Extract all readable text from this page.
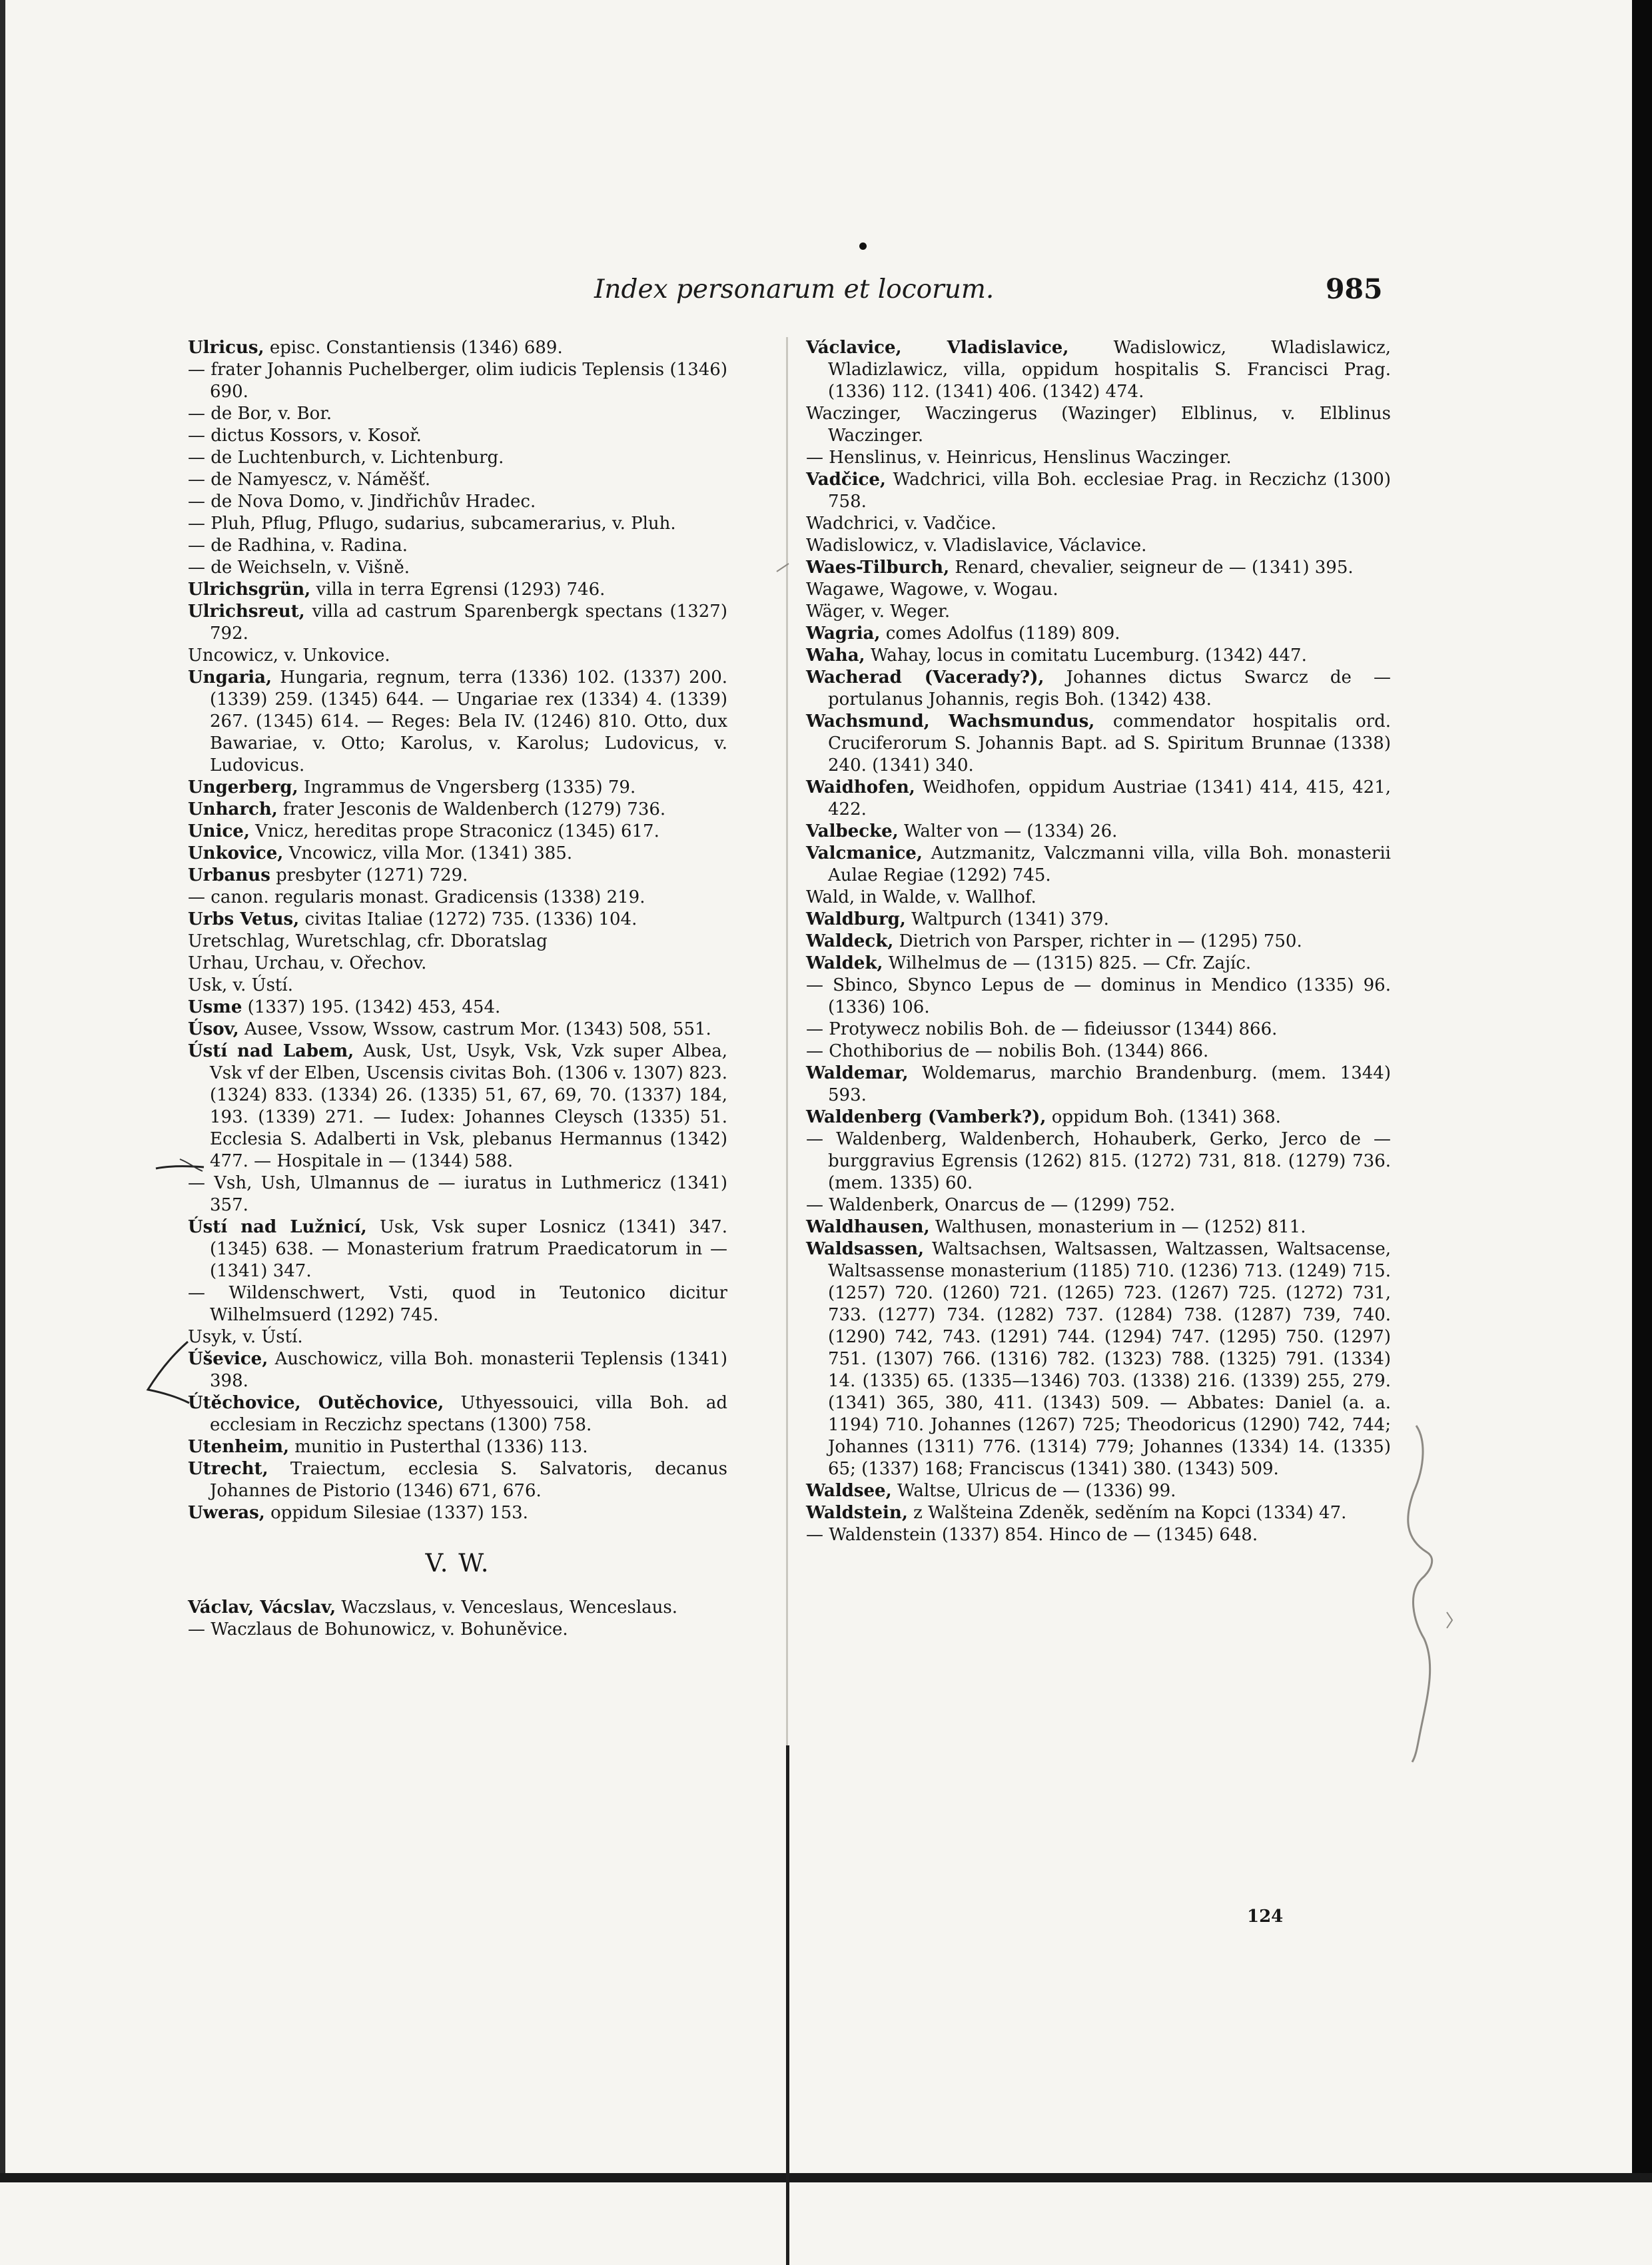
Index personarum et locorum.	985
Ulricus, episc. Constantiensis (1346) 689.
— frater Johannis Puchelberger, olim iudicis Teplensis (1346) 690.
— de Bor, v. Bor.
— dictus Kossors, v. Kosoř.
— de Luchtenburch, v. Lichtenburg.
— de Namyescz, v. Náměšť.
— de Nova Domo, v. Jindřichův Hradec.
— Pluh, Pflug, Pflugo, sudarius, subcamerarius, v. Pluh.
— de Radhina, v. Radina.
— de Weichseln, v. Višně.
Ulrichsgrün, villa in terra Egrensi (1293) 746.
Ulrichsreut, villa ad castrum Sparenbergk spectans (1327) 792.
Uncowicz, v. Unkovice.
Ungaria, Hungaria, regnum, terra (1336) 102. (1337) 200. (1339) 259. (1345) 644. — Ungariae rex (1334) 4. (1339) 267. (1345) 614. — Reges: Bela IV. (1246) 810. Otto, dux Bawariae, v. Otto; Karolus, v. Karolus; Ludovicus, v. Ludovicus.
Ungerberg, Ingrammus de Vngersberg (1335) 79.
Unharch, frater Jesconis de Waldenberch (1279) 736.
Unice, Vnicz, hereditas prope Straconicz (1345) 617.
Unkovice, Vncowicz, villa Mor. (1341) 385.
Urbanus presbyter (1271) 729.
— canon. regularis monast. Gradicensis (1338) 219.
Urbs Vetus, civitas Italiae (1272) 735. (1336) 104.
Uretschlag, Wuretschlag, cfr. Dboratslag
Urhau, Urchau, v. Ořechov.
Usk, v. Ústí.
Usme (1337) 195. (1342) 453, 454.
Úsov, Ausee, Vssow, Wssow, castrum Mor. (1343) 508, 551.
Ústí nad Labem, Ausk, Ust, Usyk, Vsk, Vzk super Albea, Vsk vf der Elben, Uscensis civitas Boh. (1306 v. 1307) 823. (1324) 833. (1334) 26. (1335) 51, 67, 69, 70. (1337) 184, 193. (1339) 271. — Iudex: Johannes Cleysch (1335) 51. Ecclesia S. Adalberti in Vsk, plebanus Hermannus (1342) 477. — Hospitale in — (1344) 588.
— Vsh, Ush, Ulmannus de — iuratus in Luthmericz (1341) 357.
Ústí nad Lužnicí, Usk, Vsk super Losnicz (1341) 347. (1345) 638. — Monasterium fratrum Praedicatorum in — (1341) 347.
— Wildenschwert, Vsti, quod in Teutonico dicitur Wilhelmsuerd (1292) 745.
Usyk, v. Ústí.
Úševice, Auschowicz, villa Boh. monasterii Teplensis (1341) 398.
Útěchovice, Outěchovice, Uthyessouici, villa Boh. ad ecclesiam in Reczichz spectans (1300) 758.
Utenheim, munitio in Pusterthal (1336) 113.
Utrecht, Traiectum, ecclesia S. Salvatoris, decanus Johannes de Pistorio (1346) 671, 676.
Uweras, oppidum Silesiae (1337) 153.
V. W.
Václav, Vácslav, Waczslaus, v. Venceslaus, Wenceslaus.
— Waczlaus de Bohunowicz, v. Bohuněvice.
Václavice, Vladislavice,	Wadislowicz, Wladislawicz, Wladizlawicz, villa, oppidum hospitalis S. Francisci Prag. (1336) 112. (1341) 406. (1342) 474.
Waczinger, Waczingerus (Wazinger) Elblinus, v. Elblinus Waczinger.
— Henslinus, v. Heinricus, Henslinus Waczinger.
Vadčice, Wadchrici, villa Boh. ecclesiae Prag. in Reczichz (1300) 758.
Wadchrici, v. Vadčice.
Wadislowicz, v. Vladislavice, Václavice.
Waes-Tilburch, Renard, chevalier, seigneur de — (1341) 395.
Wagawe, Wagowe, v. Wogau.
Wäger, v. Weger.
Wagria, comes Adolfus (1189) 809.
Waha, Wahay, locus in comitatu Lucemburg. (1342) 447.
Wacherad (Vacerady?), Johannes dictus Swarcz de — portulanus Johannis, regis Boh. (1342) 438.
Wachsmund, Wachsmundus, commendator hospitalis ord. Cruciferorum S. Johannis Bapt. ad S. Spiritum Brunnae (1338) 240. (1341) 340.
Waidhofen, Weidhofen, oppidum Austriae (1341) 414, 415, 421, 422.
Valbecke, Walter von — (1334) 26.
Valcmanice, Autzmanitz, Valczmanni villa, villa Boh. monasterii Aulae Regiae (1292) 745.
Wald, in Walde, v. Wallhof.
Waldburg, Waltpurch (1341) 379.
Waldeck, Dietrich von Parsper, richter in — (1295) 750.
Waldek, Wilhelmus de — (1315) 825. — Cfr. Zajíc.
— Sbinco, Sbynco Lepus de — dominus in Mendico (1335) 96. (1336) 106.
— Protywecz nobilis Boh. de — fideiussor (1344) 866.
— Chothiborius de — nobilis Boh. (1344) 866.
Waldemar, Woldemarus, marchio Brandenburg. (mem. 1344) 593.
Waldenberg (Vamberk?), oppidum Boh. (1341) 368.
— Waldenberg, Waldenberch, Hohauberk, Gerko, Jerco de — burggravius Egrensis (1262) 815. (1272) 731, 818. (1279) 736. (mem. 1335) 60.
— Waldenberk, Onarcus de — (1299) 752.
Waldhausen, Walthusen, monasterium in — (1252) 811.
Waldsassen, Waltsachsen, Waltsassen, Waltzassen, Waltsacense, Waltsassense monasterium (1185) 710. (1236) 713. (1249) 715. (1257) 720. (1260) 721. (1265) 723. (1267) 725. (1272) 731, 733. (1277) 734. (1282) 737. (1284) 738. (1287) 739, 740. (1290) 742, 743. (1291) 744. (1294) 747. (1295) 750. (1297) 751. (1307) 766. (1316) 782. (1323) 788. (1325) 791. (1334) 14. (1335) 65. (1335—1346) 703. (1338) 216. (1339) 255, 279. (1341) 365, 380, 411. (1343) 509. — Abbates: Daniel (a. a. 1194) 710. Johannes (1267) 725; Theodoricus (1290) 742, 744; Johannes (1311) 776. (1314) 779; Johannes (1334) 14. (1335) 65; (1337) 168; Franciscus (1341) 380. (1343) 509.
Waldsee, Waltse, Ulricus de — (1336) 99.
Waldstein, z Walšteina Zdeněk, seděním na Kopci (1334) 47.
— Waldenstein (1337) 854. Hinco de — (1345) 648.
124
